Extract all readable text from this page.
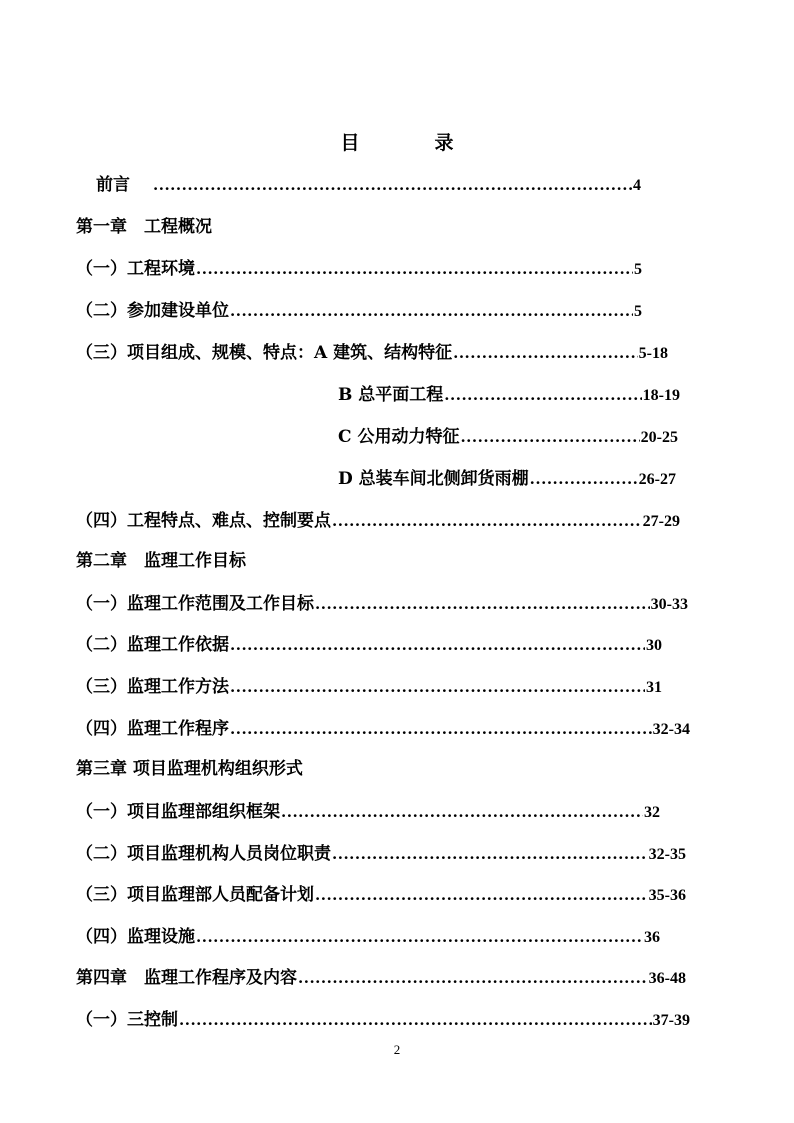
目　录
前言 .....	4
第一章　工程概况
（一）工程环境 .....	5
（二）参加建设单位 .....	5
（三）项目组成、规模、特点：A 建筑、结构特征 .....	5-18
B 总平面工程 .....	18-19
C 公用动力特征 .....	20-25
D 总装车间北侧卸货雨棚 .....	26-27
（四）工程特点、难点、控制要点 .....	27-29
第二章　监理工作目标
（一）监理工作范围及工作目标 .....	30-33
（二）监理工作依据 .....	30
（三）监理工作方法 .....	31
（四）监理工作程序 .....	32-34
第三章 项目监理机构组织形式
（一）项目监理部组织框架 .....	32
（二）项目监理机构人员岗位职责 .....	32-35
（三）项目监理部人员配备计划 .....	35-36
（四）监理设施 .....	36
第四章　监理工作程序及内容 .....	36-48
（一）三控制 .....	37-39
2
